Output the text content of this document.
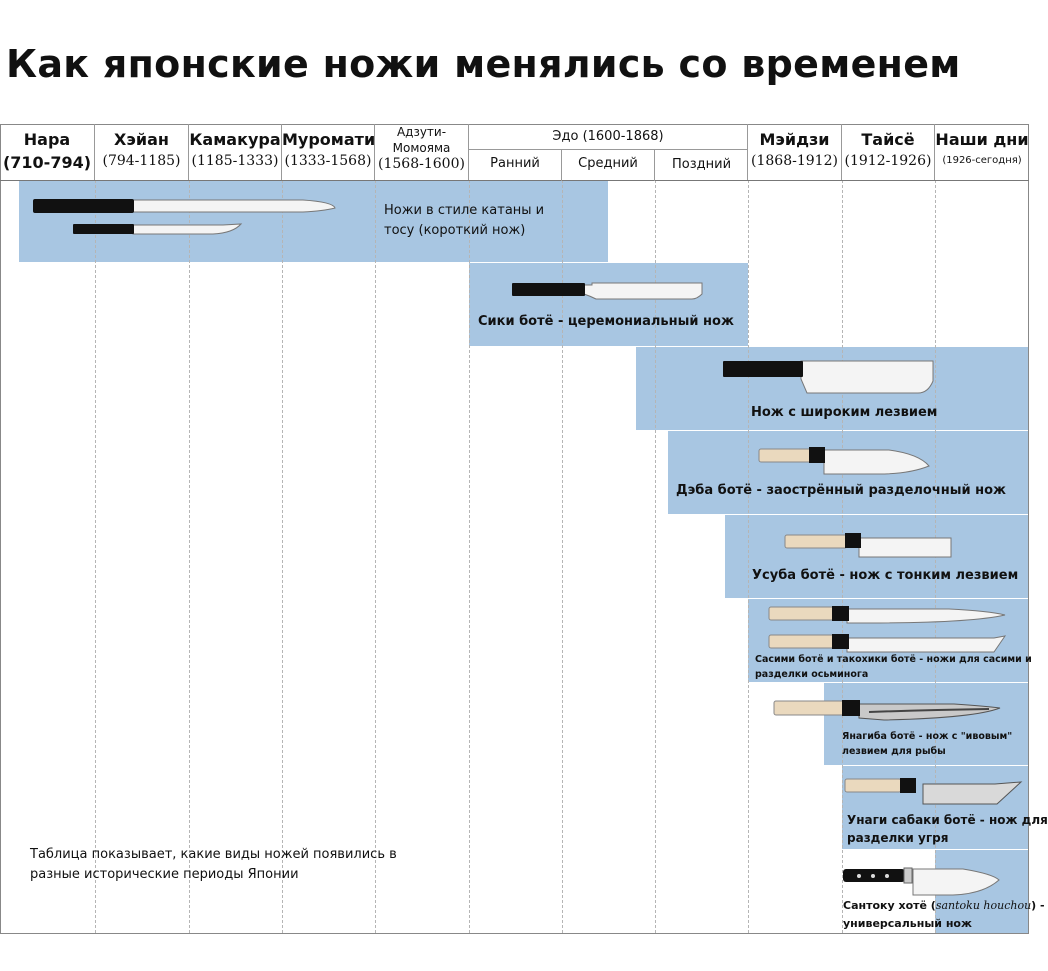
Как японские ножи менялись со временем
Нара
(710-794)
Хэйан
(794-1185)
Камакура
(1185-1333)
Муромати
(1333-1568)
Адзути-
Момояма
(1568-1600)
Эдо (1600-1868)
Ранний	Средний	Поздний
Мэйдзи
(1868-1912)
Тайсё
(1912-1926)
Наши дни
(1926-сегодня)
Ножи в стиле катаны и
тосу (короткий нож)
Сики ботё - церемониальный нож
Нож с широким лезвием
Дэба ботё - заострённый разделочный нож
Усуба ботё - нож с тонким лезвием
Сасими ботё и такохики ботё - ножи для сасими и
разделки осьминога
Янагиба ботё - нож с "ивовым"
лезвием для рыбы
Унаги сабаки ботё - нож для
разделки угря
Сантоку хотё (santoku houchou) -
универсальный нож
Таблица показывает, какие виды ножей появились в
разные исторические периоды Японии
